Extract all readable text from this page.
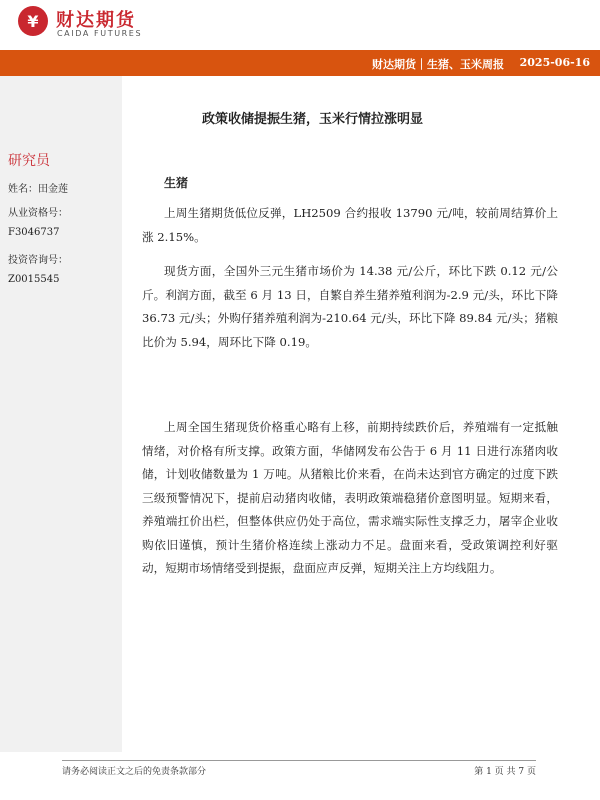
¥ 财达期货
CAIDA FUTURES
财达期货｜生猪、玉米周报 2025-06-16
研究员
姓名：田金莲
从业资格号：
F3046737
投资咨询号：
Z0015545
政策收储提振生猪，玉米行情拉涨明显
生猪

上周生猪期货低位反弹，LH2509 合约报收 13790 元/吨，较前周结算价上涨 2.15%。

现货方面，全国外三元生猪市场价为 14.38 元/公斤，环比下跌 0.12 元/公斤。利润方面，截至 6 月 13 日，自繁自养生猪养殖利润为-2.9 元/头，环比下降 36.73 元/头；外购仔猪养殖利润为-210.64 元/头，环比下降 89.84 元/头；猪粮比价为 5.94，周环比下降 0.19。

上周全国生猪现货价格重心略有上移，前期持续跌价后，养殖端有一定抵触情绪，对价格有所支撑。政策方面，华储网发布公告于 6 月 11 日进行冻猪肉收储，计划收储数量为 1 万吨。从猪粮比价来看，在尚未达到官方确定的过度下跌三级预警情况下，提前启动猪肉收储，表明政策端稳猪价意图明显。短期来看，养殖端扛价出栏，但整体供应仍处于高位，需求端实际性支撑乏力，屠宰企业收购依旧谨慎，预计生猪价格连续上涨动力不足。盘面来看，受政策调控利好驱动，短期市场情绪受到提振，盘面应声反弹，短期关注上方均线阻力。

请务必阅读正文之后的免责条款部分	第 1 页 共 7 页
